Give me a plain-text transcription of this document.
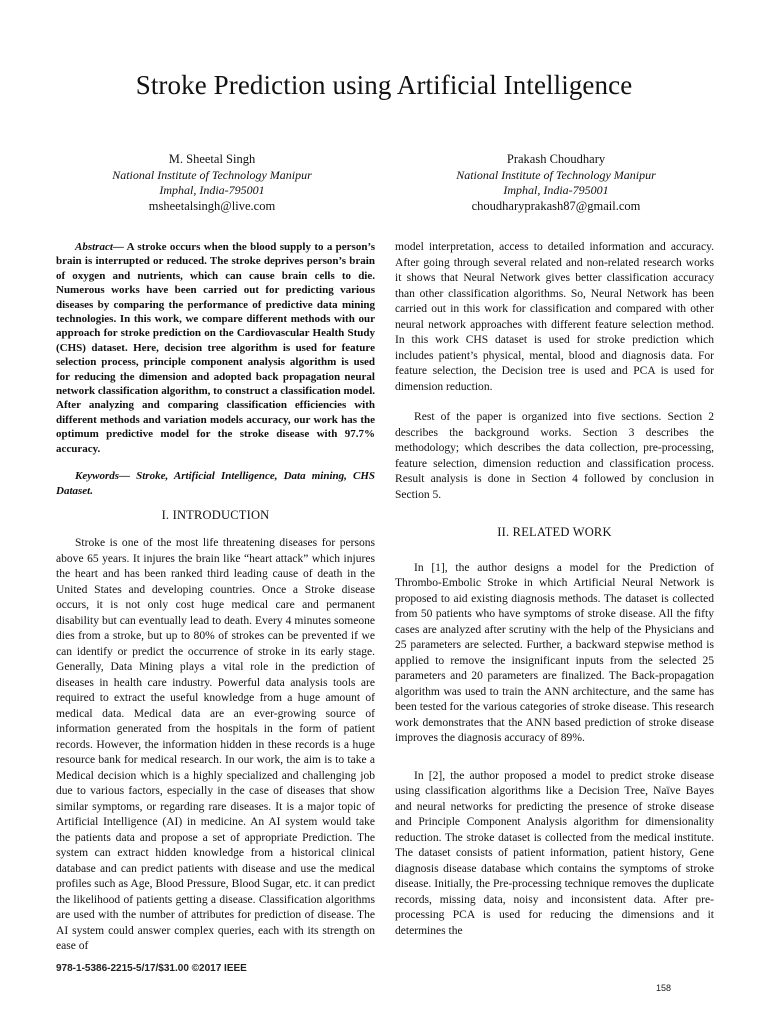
Stroke Prediction using Artificial Intelligence
M. Sheetal Singh
National Institute of Technology Manipur
Imphal, India-795001
msheetalsingh@live.com
Prakash Choudhary
National Institute of Technology Manipur
Imphal, India-795001
choudharyprakash87@gmail.com

Abstract— A stroke occurs when the blood supply to a person’s brain is interrupted or reduced. The stroke deprives person’s brain of oxygen and nutrients, which can cause brain cells to die. Numerous works have been carried out for predicting various diseases by comparing the performance of predictive data mining technologies. In this work, we compare different methods with our approach for stroke prediction on the Cardiovascular Health Study (CHS) dataset. Here, decision tree algorithm is used for feature selection process, principle component analysis algorithm is used for reducing the dimension and adopted back propagation neural network classification algorithm, to construct a classification model. After analyzing and comparing classification efficiencies with different methods and variation models accuracy, our work has the optimum predictive model for the stroke disease with 97.7% accuracy.

Keywords— Stroke, Artificial Intelligence, Data mining, CHS Dataset.

I. INTRODUCTION

Stroke is one of the most life threatening diseases for persons above 65 years. It injures the brain like “heart attack” which injures the heart and has been ranked third leading cause of death in the United States and developing countries. Once a Stroke disease occurs, it is not only cost huge medical care and permanent disability but can eventually lead to death. Every 4 minutes someone dies from a stroke, but up to 80% of strokes can be prevented if we can identify or predict the occurrence of stroke in its early stage. Generally, Data Mining plays a vital role in the prediction of diseases in health care industry. Powerful data analysis tools are required to extract the useful knowledge from a huge amount of medical data. Medical data are an ever-growing source of information generated from the hospitals in the form of patient records. However, the information hidden in these records is a huge resource bank for medical research. In our work, the aim is to take a Medical decision which is a highly specialized and challenging job due to various factors, especially in the case of diseases that show similar symptoms, or regarding rare diseases. It is a major topic of Artificial Intelligence (AI) in medicine. An AI system would take the patients data and propose a set of appropriate Prediction. The system can extract hidden knowledge from a historical clinical database and can predict patients with disease and use the medical profiles such as Age, Blood Pressure, Blood Sugar, etc. it can predict the likelihood of patients getting a disease. Classification algorithms are used with the number of attributes for prediction of disease. The AI system could answer complex queries, each with its strength on ease of

model interpretation, access to detailed information and accuracy. After going through several related and non-related research works it shows that Neural Network gives better classification accuracy than other classification algorithms. So, Neural Network has been carried out in this work for classification and compared with other neural network approaches with different feature selection method. In this work CHS dataset is used for stroke prediction which includes patient’s physical, mental, blood and diagnosis data. For feature selection, the Decision tree is used and PCA is used for dimension reduction.

Rest of the paper is organized into five sections. Section 2 describes the background works. Section 3 describes the methodology; which describes the data collection, pre-processing, feature selection, dimension reduction and classification process. Result analysis is done in Section 4 followed by conclusion in Section 5.

II. RELATED WORK

In [1], the author designs a model for the Prediction of Thrombo-Embolic Stroke in which Artificial Neural Network is proposed to aid existing diagnosis methods. The dataset is collected from 50 patients who have symptoms of stroke disease. All the fifty cases are analyzed after scrutiny with the help of the Physicians and 25 parameters are selected. Further, a backward stepwise method is applied to remove the insignificant inputs from the selected 25 parameters and 20 parameters are finalized. The Back-propagation algorithm was used to train the ANN architecture, and the same has been tested for the various categories of stroke disease. This research work demonstrates that the ANN based prediction of stroke disease improves the diagnosis accuracy of 89%.

In [2], the author proposed a model to predict stroke disease using classification algorithms like a Decision Tree, Naïve Bayes and neural networks for predicting the presence of stroke disease and Principle Component Analysis algorithm for dimensionality reduction. The stroke dataset is collected from the medical institute. The dataset consists of patient information, patient history, Gene diagnosis disease database which contains the symptoms of stroke disease. Initially, the Pre-processing technique removes the duplicate records, missing data, noisy and inconsistent data. After pre-processing PCA is used for reducing the dimensions and it determines the

978-1-5386-2215-5/17/$31.00 ©2017 IEEE
158
